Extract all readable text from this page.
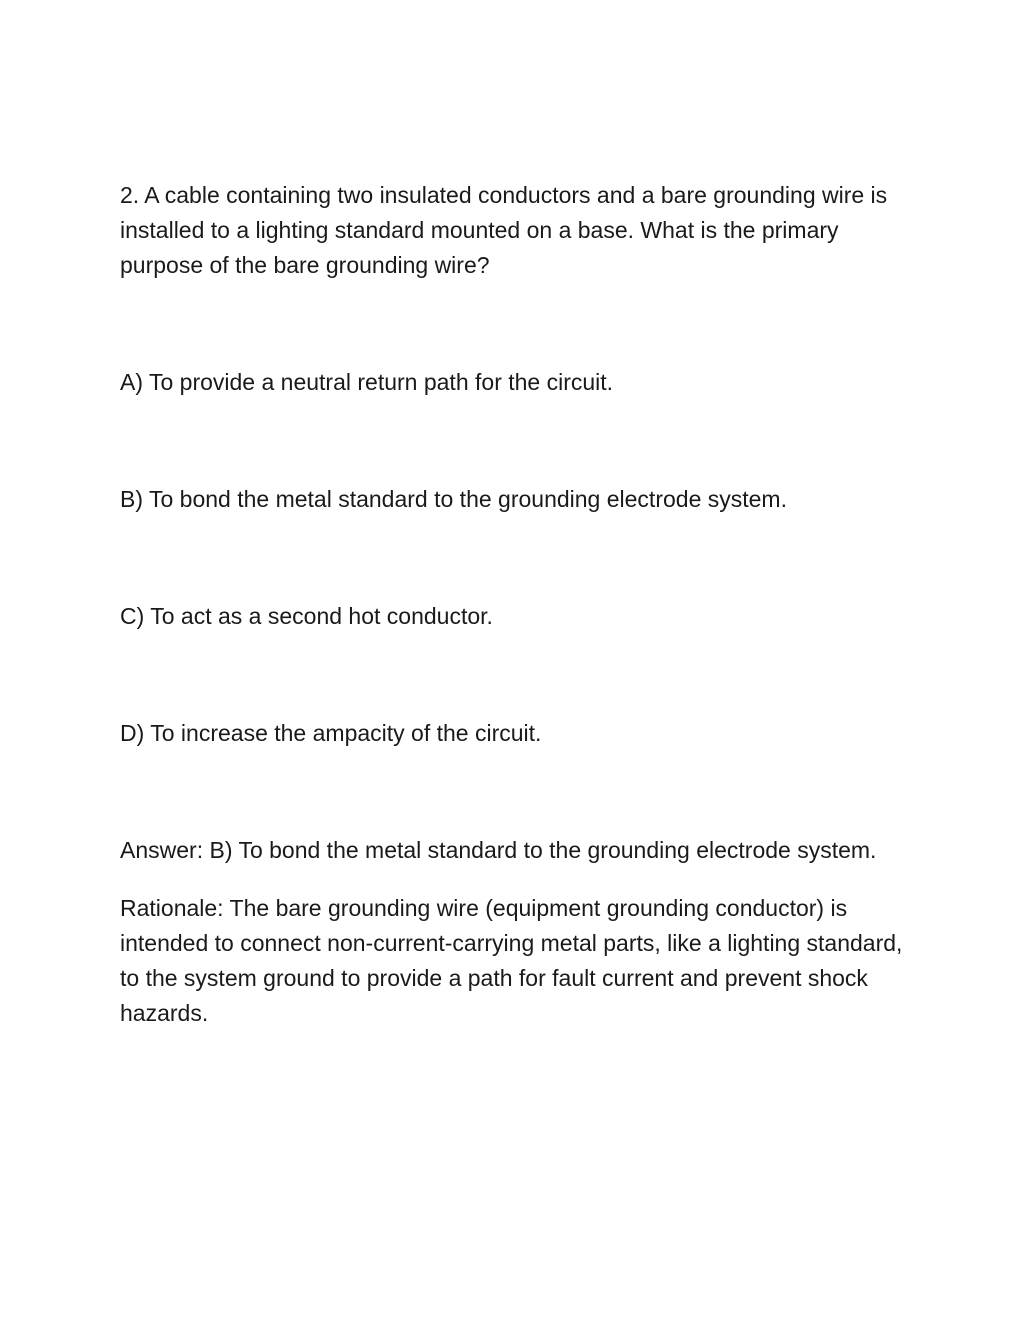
2. A cable containing two insulated conductors and a bare grounding wire is installed to a lighting standard mounted on a base. What is the primary purpose of the bare grounding wire?

A) To provide a neutral return path for the circuit.

B) To bond the metal standard to the grounding electrode system.

C) To act as a second hot conductor.

D) To increase the ampacity of the circuit.

Answer: B) To bond the metal standard to the grounding electrode system.

Rationale: The bare grounding wire (equipment grounding conductor) is intended to connect non-current-carrying metal parts, like a lighting standard, to the system ground to provide a path for fault current and prevent shock hazards.
